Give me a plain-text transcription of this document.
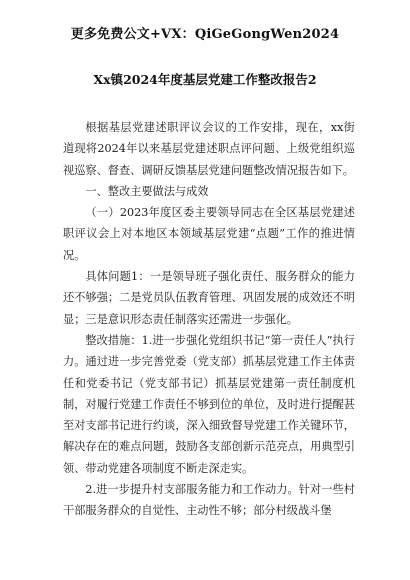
更多免费公文+VX：QiGeGongWen2024
Xx镇2024年度基层党建工作整改报告2

根据基层党建述职评议会议的工作安排，现在，xx街道现将2024年以来基层党建述职点评问题、上级党组织巡视巡察、督查、调研反馈基层党建问题整改情况报告如下。

一、整改主要做法与成效

（一）2023年度区委主要领导同志在全区基层党建述职评议会上对本地区本领域基层党建“点题”工作的推进情况。

具体问题1：一是领导班子强化责任、服务群众的能力还不够强；二是党员队伍教育管理、巩固发展的成效还不明显；三是意识形态责任制落实还需进一步强化。

整改措施：1.进一步强化党组织书记“第一责任人”执行力。通过进一步完善党委（党支部）抓基层党建工作主体责任和党委书记（党支部书记）抓基层党建第一责任制度机制，对履行党建工作责任不够到位的单位，及时进行提醒甚至对支部书记进行约谈，深入细致督导党建工作关键环节，解决存在的难点问题，鼓励各支部创新示范亮点，用典型引领、带动党建各项制度不断走深走实。

2.进一步提升村支部服务能力和工作动力。针对一些村干部服务群众的自觉性、主动性不够；部分村级战斗堡
